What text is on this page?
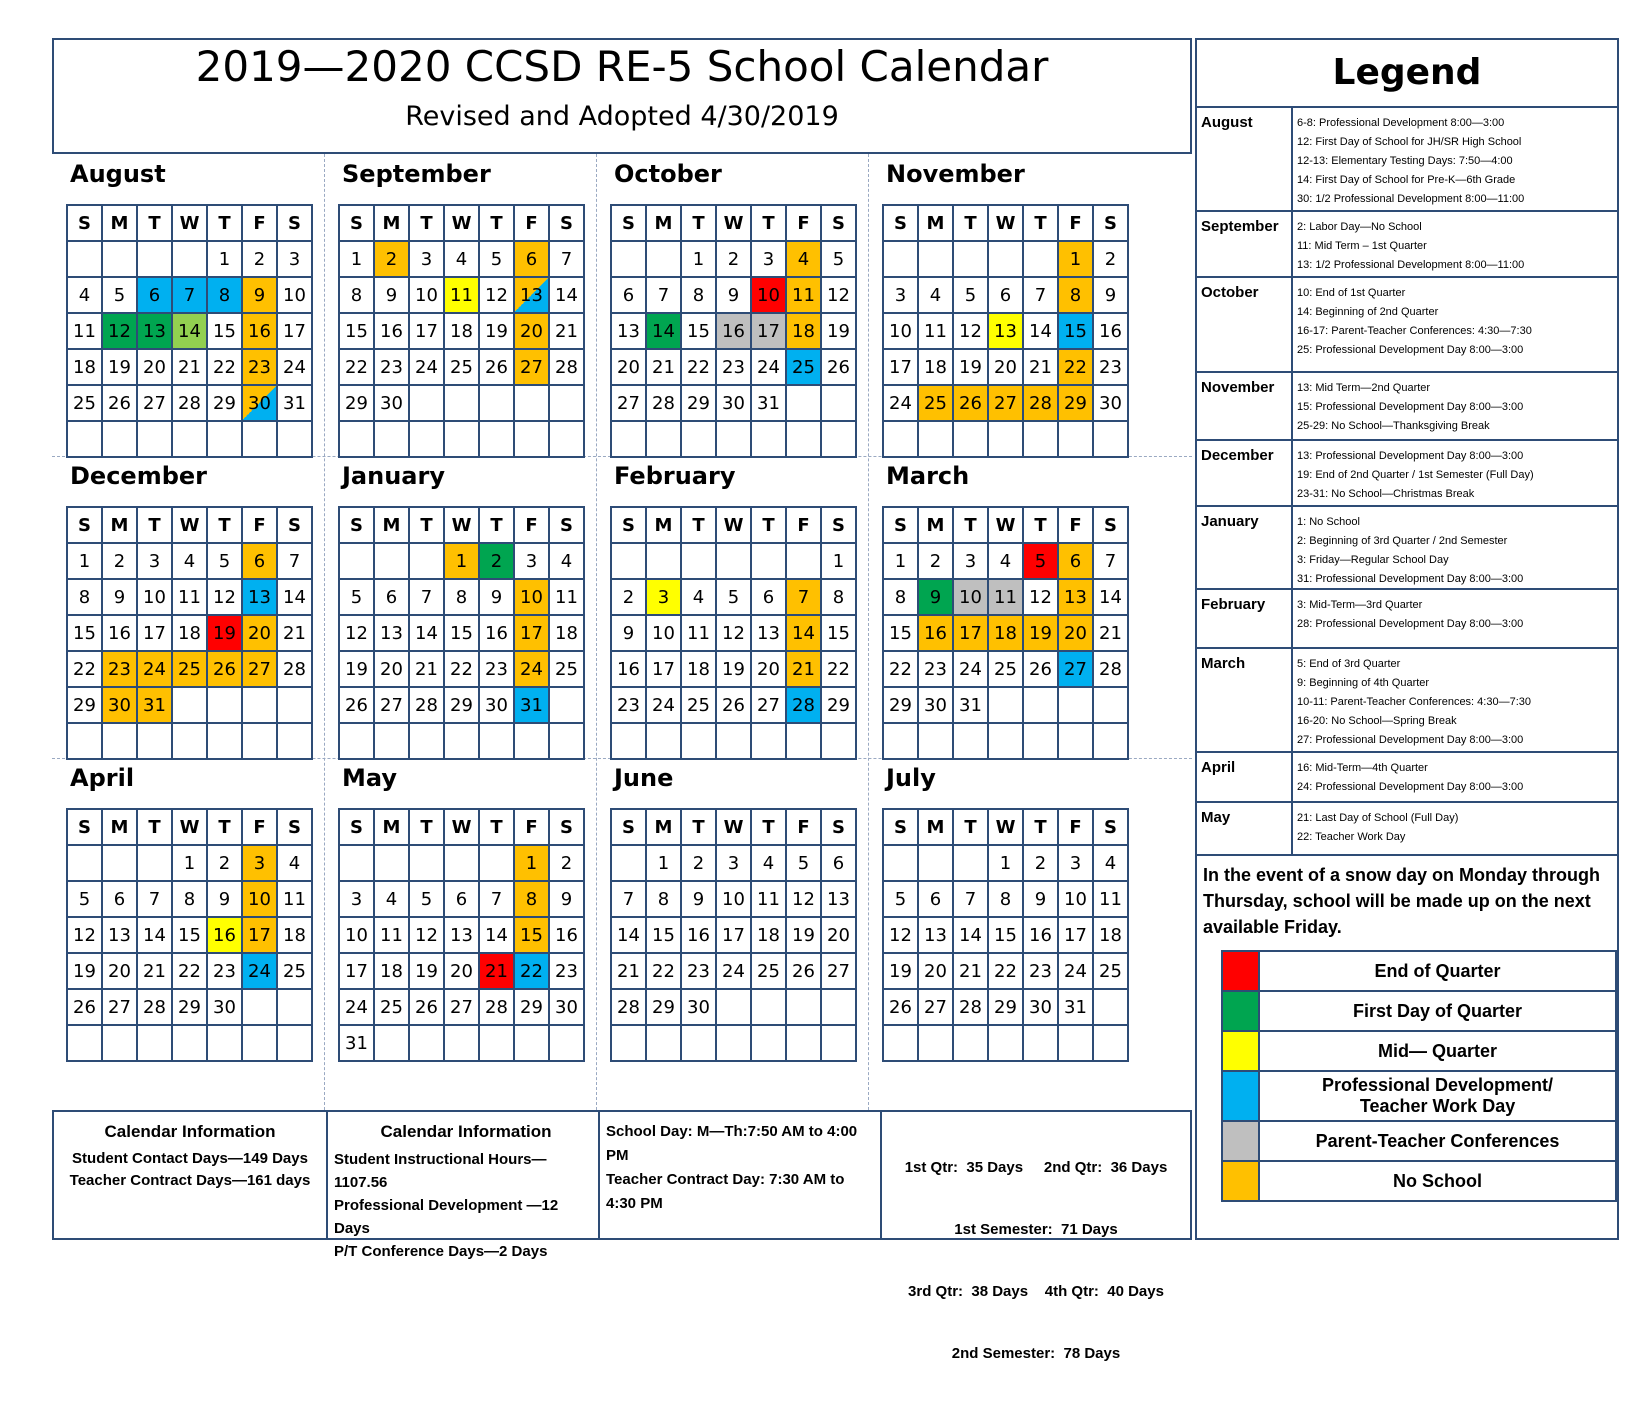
2019—2020 CCSD RE-5 School Calendar
Revised and Adopted 4/30/2019
August
S	M	T	W	T	F	S
				1	2	3
4	5	6	7	8	9	10
11	12	13	14	15	16	17
18	19	20	21	22	23	24
25	26	27	28	29	30	31

September
S	M	T	W	T	F	S
1	2	3	4	5	6	7
8	9	10	11	12	13	14
15	16	17	18	19	20	21
22	23	24	25	26	27	28
29	30					

October
S	M	T	W	T	F	S
		1	2	3	4	5
6	7	8	9	10	11	12
13	14	15	16	17	18	19
20	21	22	23	24	25	26
27	28	29	30	31		

November
S	M	T	W	T	F	S
					1	2
3	4	5	6	7	8	9
10	11	12	13	14	15	16
17	18	19	20	21	22	23
24	25	26	27	28	29	30

December
S	M	T	W	T	F	S
1	2	3	4	5	6	7
8	9	10	11	12	13	14
15	16	17	18	19	20	21
22	23	24	25	26	27	28
29	30	31				

January
S	M	T	W	T	F	S
			1	2	3	4
5	6	7	8	9	10	11
12	13	14	15	16	17	18
19	20	21	22	23	24	25
26	27	28	29	30	31	

February
S	M	T	W	T	F	S
						1
2	3	4	5	6	7	8
9	10	11	12	13	14	15
16	17	18	19	20	21	22
23	24	25	26	27	28	29

March
S	M	T	W	T	F	S
1	2	3	4	5	6	7
8	9	10	11	12	13	14
15	16	17	18	19	20	21
22	23	24	25	26	27	28
29	30	31				

April
S	M	T	W	T	F	S
			1	2	3	4
5	6	7	8	9	10	11
12	13	14	15	16	17	18
19	20	21	22	23	24	25
26	27	28	29	30		

May
S	M	T	W	T	F	S
					1	2
3	4	5	6	7	8	9
10	11	12	13	14	15	16
17	18	19	20	21	22	23
24	25	26	27	28	29	30
31						
June
S	M	T	W	T	F	S
	1	2	3	4	5	6
7	8	9	10	11	12	13
14	15	16	17	18	19	20
21	22	23	24	25	26	27
28	29	30				

July
S	M	T	W	T	F	S
			1	2	3	4
5	6	7	8	9	10	11
12	13	14	15	16	17	18
19	20	21	22	23	24	25
26	27	28	29	30	31	

Calendar Information
Student Contact Days—149 Days
Teacher Contract Days—161 days
Calendar Information
Student Instructional Hours—1107.56
Professional Development —12 Days
P/T Conference Days—2 Days
School Day: M—Th:7:50 AM to 4:00 PM
Teacher Contract Day: 7:30 AM to
4:30 PM

1st Qtr:  35 Days     2nd Qtr:  36 Days

1st Semester:  71 Days

3rd Qtr:  38 Days    4th Qtr:  40 Days

2nd Semester:  78 Days

Legend
August	6-8: Professional Development 8:00—3:00
12: First Day of School for JH/SR High School
12-13: Elementary Testing Days: 7:50—4:00
14: First Day of School for Pre-K—6th Grade
30: 1/2 Professional Development 8:00—11:00
September 2: Labor Day—No School
11: Mid Term – 1st Quarter
13: 1/2 Professional Development 8:00—11:00
October	10: End of 1st Quarter
14: Beginning of 2nd Quarter
16-17: Parent-Teacher Conferences: 4:30—7:30
25: Professional Development Day 8:00—3:00
November 13: Mid Term—2nd Quarter
15: Professional Development Day 8:00—3:00
25-29: No School—Thanksgiving Break
December 13: Professional Development Day 8:00—3:00
19: End of 2nd Quarter / 1st Semester (Full Day)
23-31: No School—Christmas Break
January	1: No School
2: Beginning of 3rd Quarter / 2nd Semester
3: Friday—Regular School Day
31: Professional Development Day 8:00—3:00
February	3: Mid-Term—3rd Quarter
28: Professional Development Day 8:00—3:00
March	5: End of 3rd Quarter
9: Beginning of 4th Quarter
10-11: Parent-Teacher Conferences: 4:30—7:30
16-20: No School—Spring Break
27: Professional Development Day 8:00—3:00
April	16: Mid-Term—4th Quarter
24: Professional Development Day 8:00—3:00
May	21: Last Day of School (Full Day)
22: Teacher Work Day
In the event of a snow day on Monday through Thursday, school will be made up on the next available Friday.
	End of Quarter
	First Day of Quarter
	Mid— Quarter
	Professional Development/ Teacher Work Day
	Parent-Teacher Conferences
	No School
